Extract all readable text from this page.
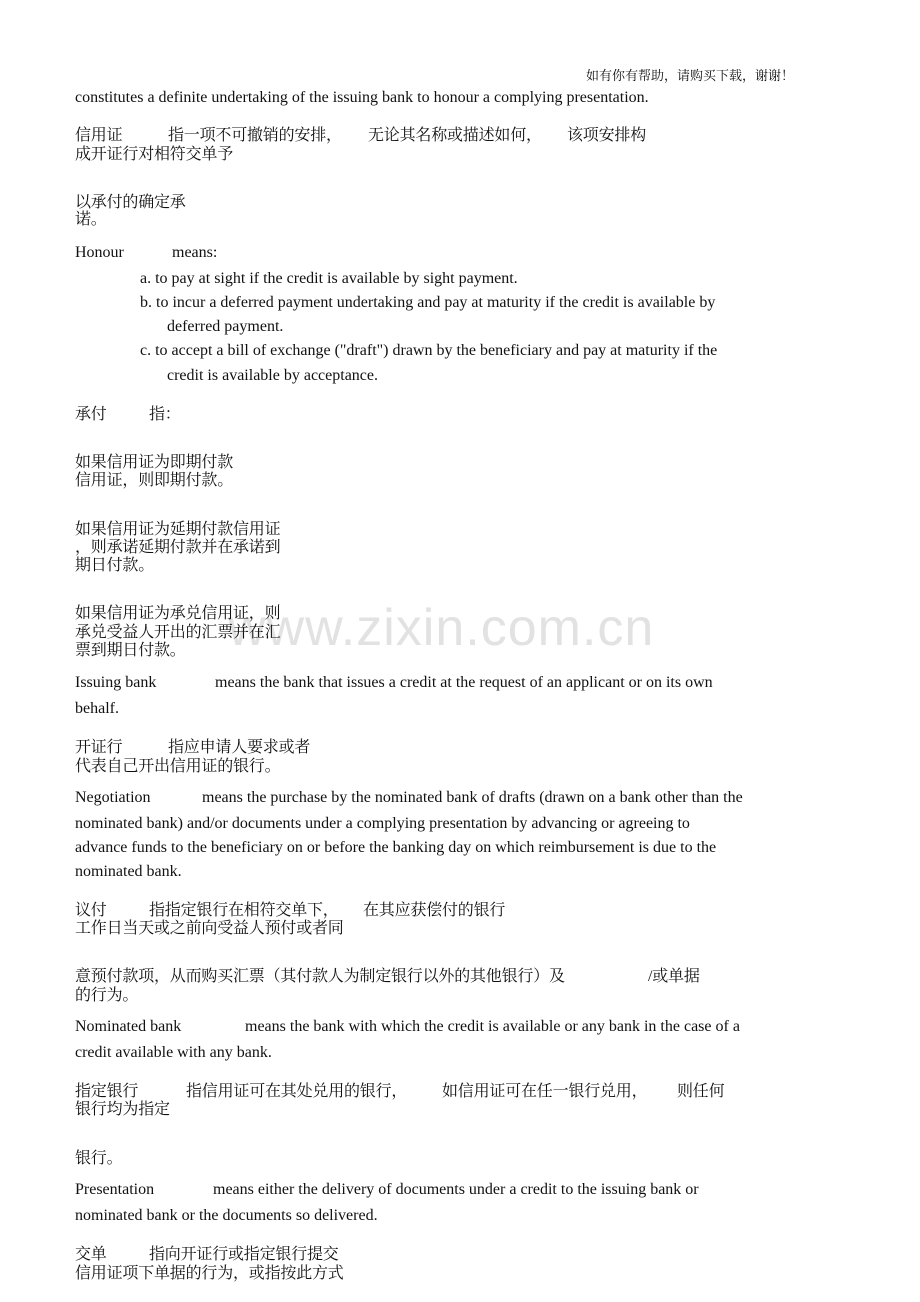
www.zixin.com.cn
如有你有帮助，请购买下载，谢谢！
constitutes a definite undertaking of the issuing bank to honour a complying presentation.
信用证	指一项不可撤销的安排， 无论其名称或描述如何， 该项安排构
成开证行对相符交单予
以承付的确定承
诺。
Honour	means:
a. to pay at sight if the credit is available by sight payment.
b. to incur a deferred payment undertaking and pay at maturity if the credit is available by
deferred payment.
c. to accept a bill of exchange ("draft") drawn by the beneficiary and pay at maturity if the
credit is available by acceptance.
承付	指：
如果信用证为即期付款
信用证，则即期付款。
如果信用证为延期付款信用证
，则承诺延期付款并在承诺到
期日付款。
如果信用证为承兑信用证，则
承兑受益人开出的汇票并在汇
票到期日付款。
Issuing bank	means the bank that issues a credit at the request of an applicant or on its own
behalf.
开证行	指应申请人要求或者
代表自己开出信用证的银行。
Negotiation	means the purchase by the nominated bank of drafts (drawn on a bank other than the
nominated bank) and/or documents under a complying presentation by advancing or agreeing to
advance funds to the beneficiary on or before the banking day on which reimbursement is due to the
nominated bank.
议付	指指定银行在相符交单下， 在其应获偿付的银行
工作日当天或之前向受益人预付或者同
意预付款项，从而购买汇票（其付款人为制定银行以外的其他银行）及	/或单据
的行为。
Nominated bank	means the bank with which the credit is available or any bank in the case of a
credit available with any bank.
指定银行	指信用证可在其处兑用的银行， 如信用证可在任一银行兑用， 则任何
银行均为指定
银行。
Presentation	means either the delivery of documents under a credit to the issuing bank or
nominated bank or the documents so delivered.
交单	指向开证行或指定银行提交
信用证项下单据的行为，或指按此方式
